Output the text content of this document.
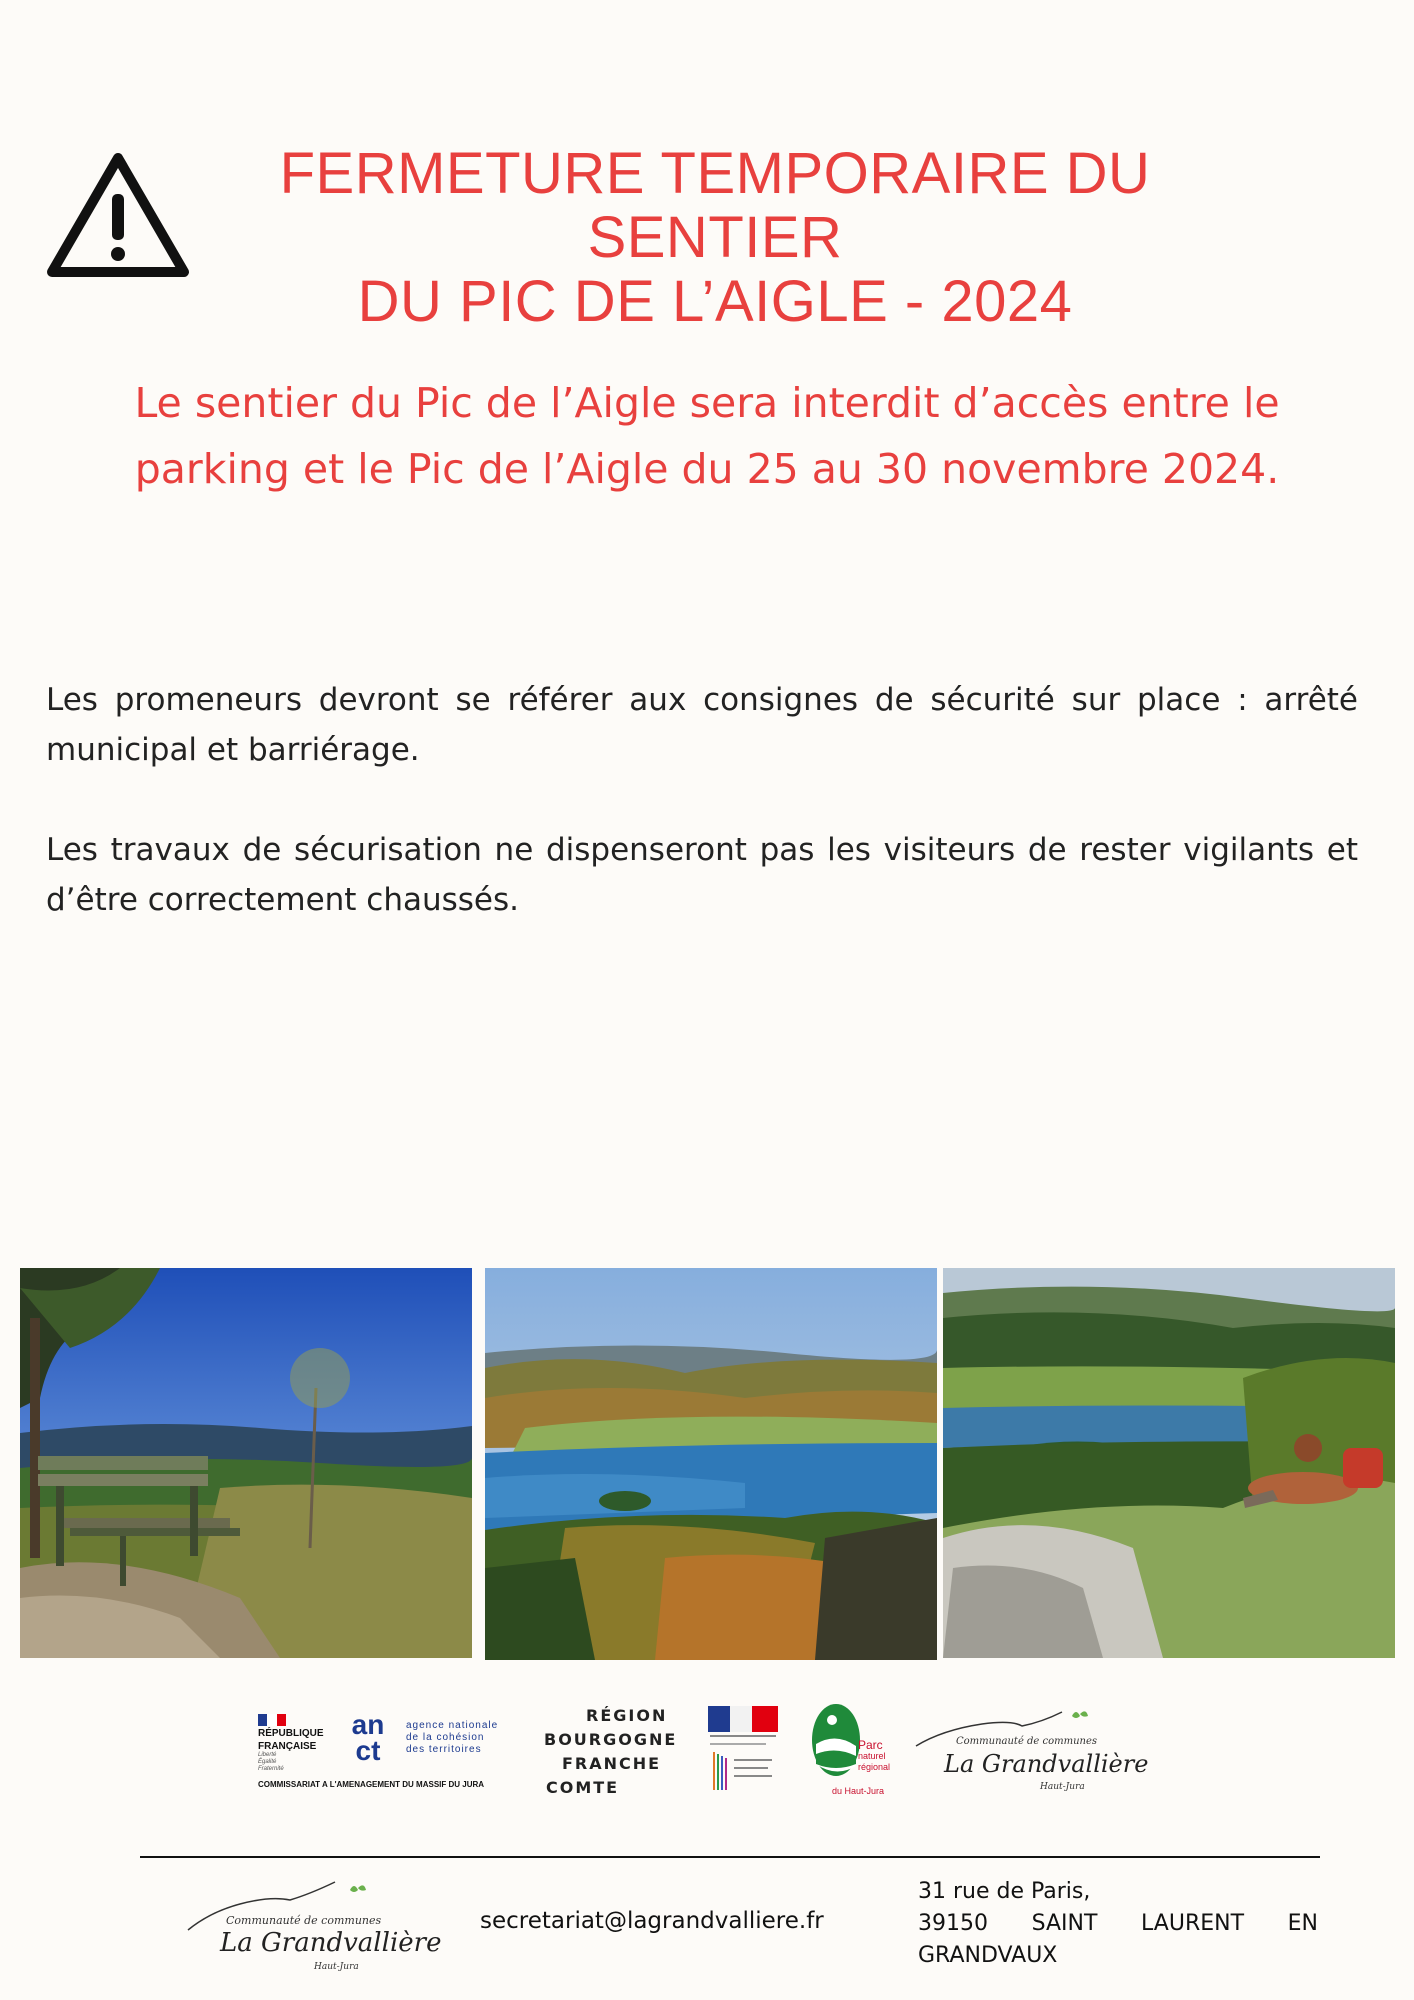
FERMETURE TEMPORAIRE DU SENTIER
DU PIC DE L’AIGLE - 2024
Le sentier du Pic de l’Aigle sera interdit d’accès entre le
parking et le Pic de l’Aigle du 25 au 30 novembre 2024.
Les promeneurs devront se référer aux consignes de sécurité sur place : arrêté municipal et barriérage.
Les travaux de sécurisation ne dispenseront pas les visiteurs de rester vigilants et d’être correctement chaussés.
RÉPUBLIQUE
FRANÇAISE
Liberté
Égalité
Fraternité
an
ct
agence nationale
de la cohésion
des territoires
COMMISSARIAT A L'AMENAGEMENT DU MASSIF DU JURA
RÉGION
BOURGOGNE
FRANCHE
COMTE
Parc
naturel
régional
du Haut-Jura
Communauté de communes
La Grandvallière
Haut-Jura
Communauté de communes
La Grandvallière
Haut-Jura
secretariat@lagrandvalliere.fr
31 rue de Paris,
39150 SAINT LAURENT EN
GRANDVAUX
